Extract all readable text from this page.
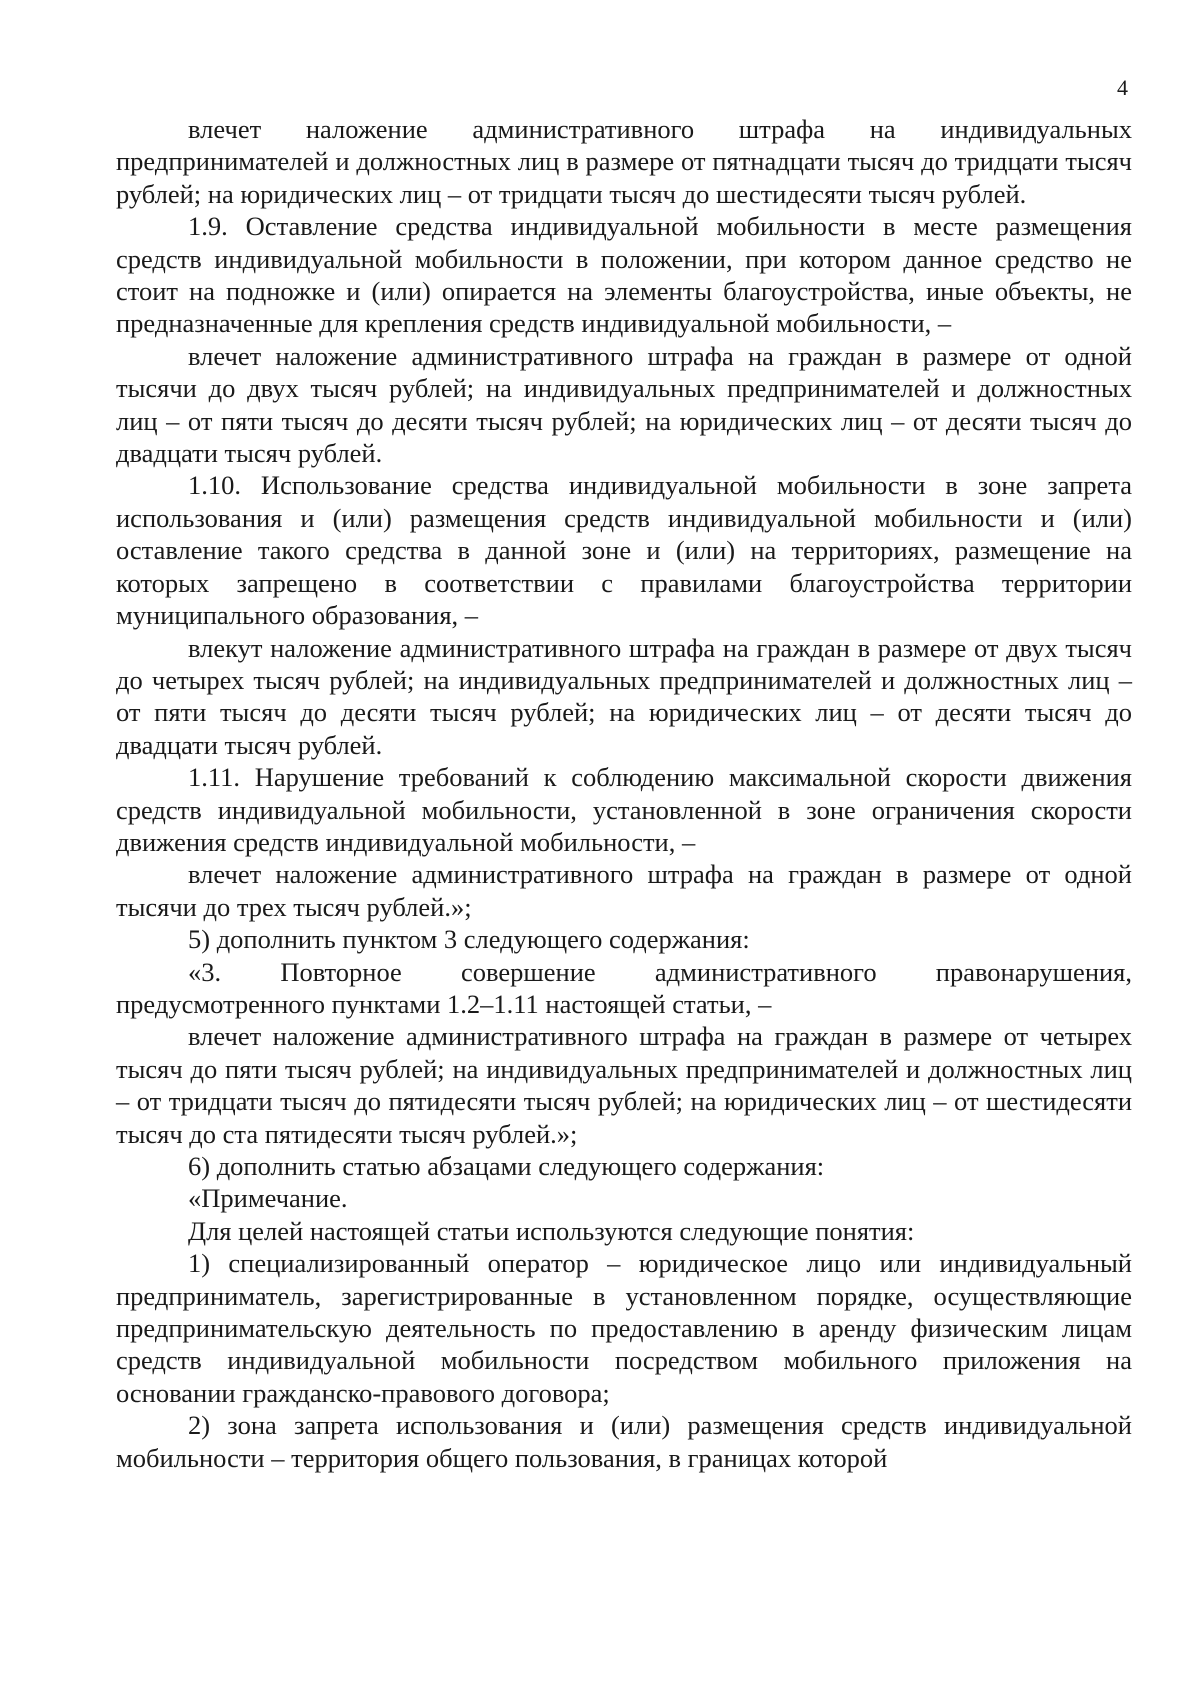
4

влечет наложение административного штрафа на индивидуальных предпринимателей и должностных лиц в размере от пятнадцати тысяч до тридцати тысяч рублей; на юридических лиц – от тридцати тысяч до шестидесяти тысяч рублей.

1.9. Оставление средства индивидуальной мобильности в месте размещения средств индивидуальной мобильности в положении, при котором данное средство не стоит на подножке и (или) опирается на элементы благоустройства, иные объекты, не предназначенные для крепления средств индивидуальной мобильности, –

влечет наложение административного штрафа на граждан в размере от одной тысячи до двух тысяч рублей; на индивидуальных предпринимателей и должностных лиц – от пяти тысяч до десяти тысяч рублей; на юридических лиц – от десяти тысяч до двадцати тысяч рублей.

1.10. Использование средства индивидуальной мобильности в зоне запрета использования и (или) размещения средств индивидуальной мобильности и (или) оставление такого средства в данной зоне и (или) на территориях, размещение на которых запрещено в соответствии с правилами благоустройства территории муниципального образования, –

влекут наложение административного штрафа на граждан в размере от двух тысяч до четырех тысяч рублей; на индивидуальных предпринимателей и должностных лиц – от пяти тысяч до десяти тысяч рублей; на юридических лиц – от десяти тысяч до двадцати тысяч рублей.

1.11. Нарушение требований к соблюдению максимальной скорости движения средств индивидуальной мобильности, установленной в зоне ограничения скорости движения средств индивидуальной мобильности, –

влечет наложение административного штрафа на граждан в размере от одной тысячи до трех тысяч рублей.»;

5) дополнить пунктом 3 следующего содержания:

«3. Повторное совершение административного правонарушения, предусмотренного пунктами 1.2–1.11 настоящей статьи, –

влечет наложение административного штрафа на граждан в размере от четырех тысяч до пяти тысяч рублей; на индивидуальных предпринимателей и должностных лиц – от тридцати тысяч до пятидесяти тысяч рублей; на юридических лиц – от шестидесяти тысяч до ста пятидесяти тысяч рублей.»;

6) дополнить статью абзацами следующего содержания:

«Примечание.

Для целей настоящей статьи используются следующие понятия:

1) специализированный оператор – юридическое лицо или индивидуальный предприниматель, зарегистрированные в установленном порядке, осуществляющие предпринимательскую деятельность по предоставлению в аренду физическим лицам средств индивидуальной мобильности посредством мобильного приложения на основании гражданско-правового договора;

2) зона запрета использования и (или) размещения средств индивидуальной мобильности – территория общего пользования, в границах которой
